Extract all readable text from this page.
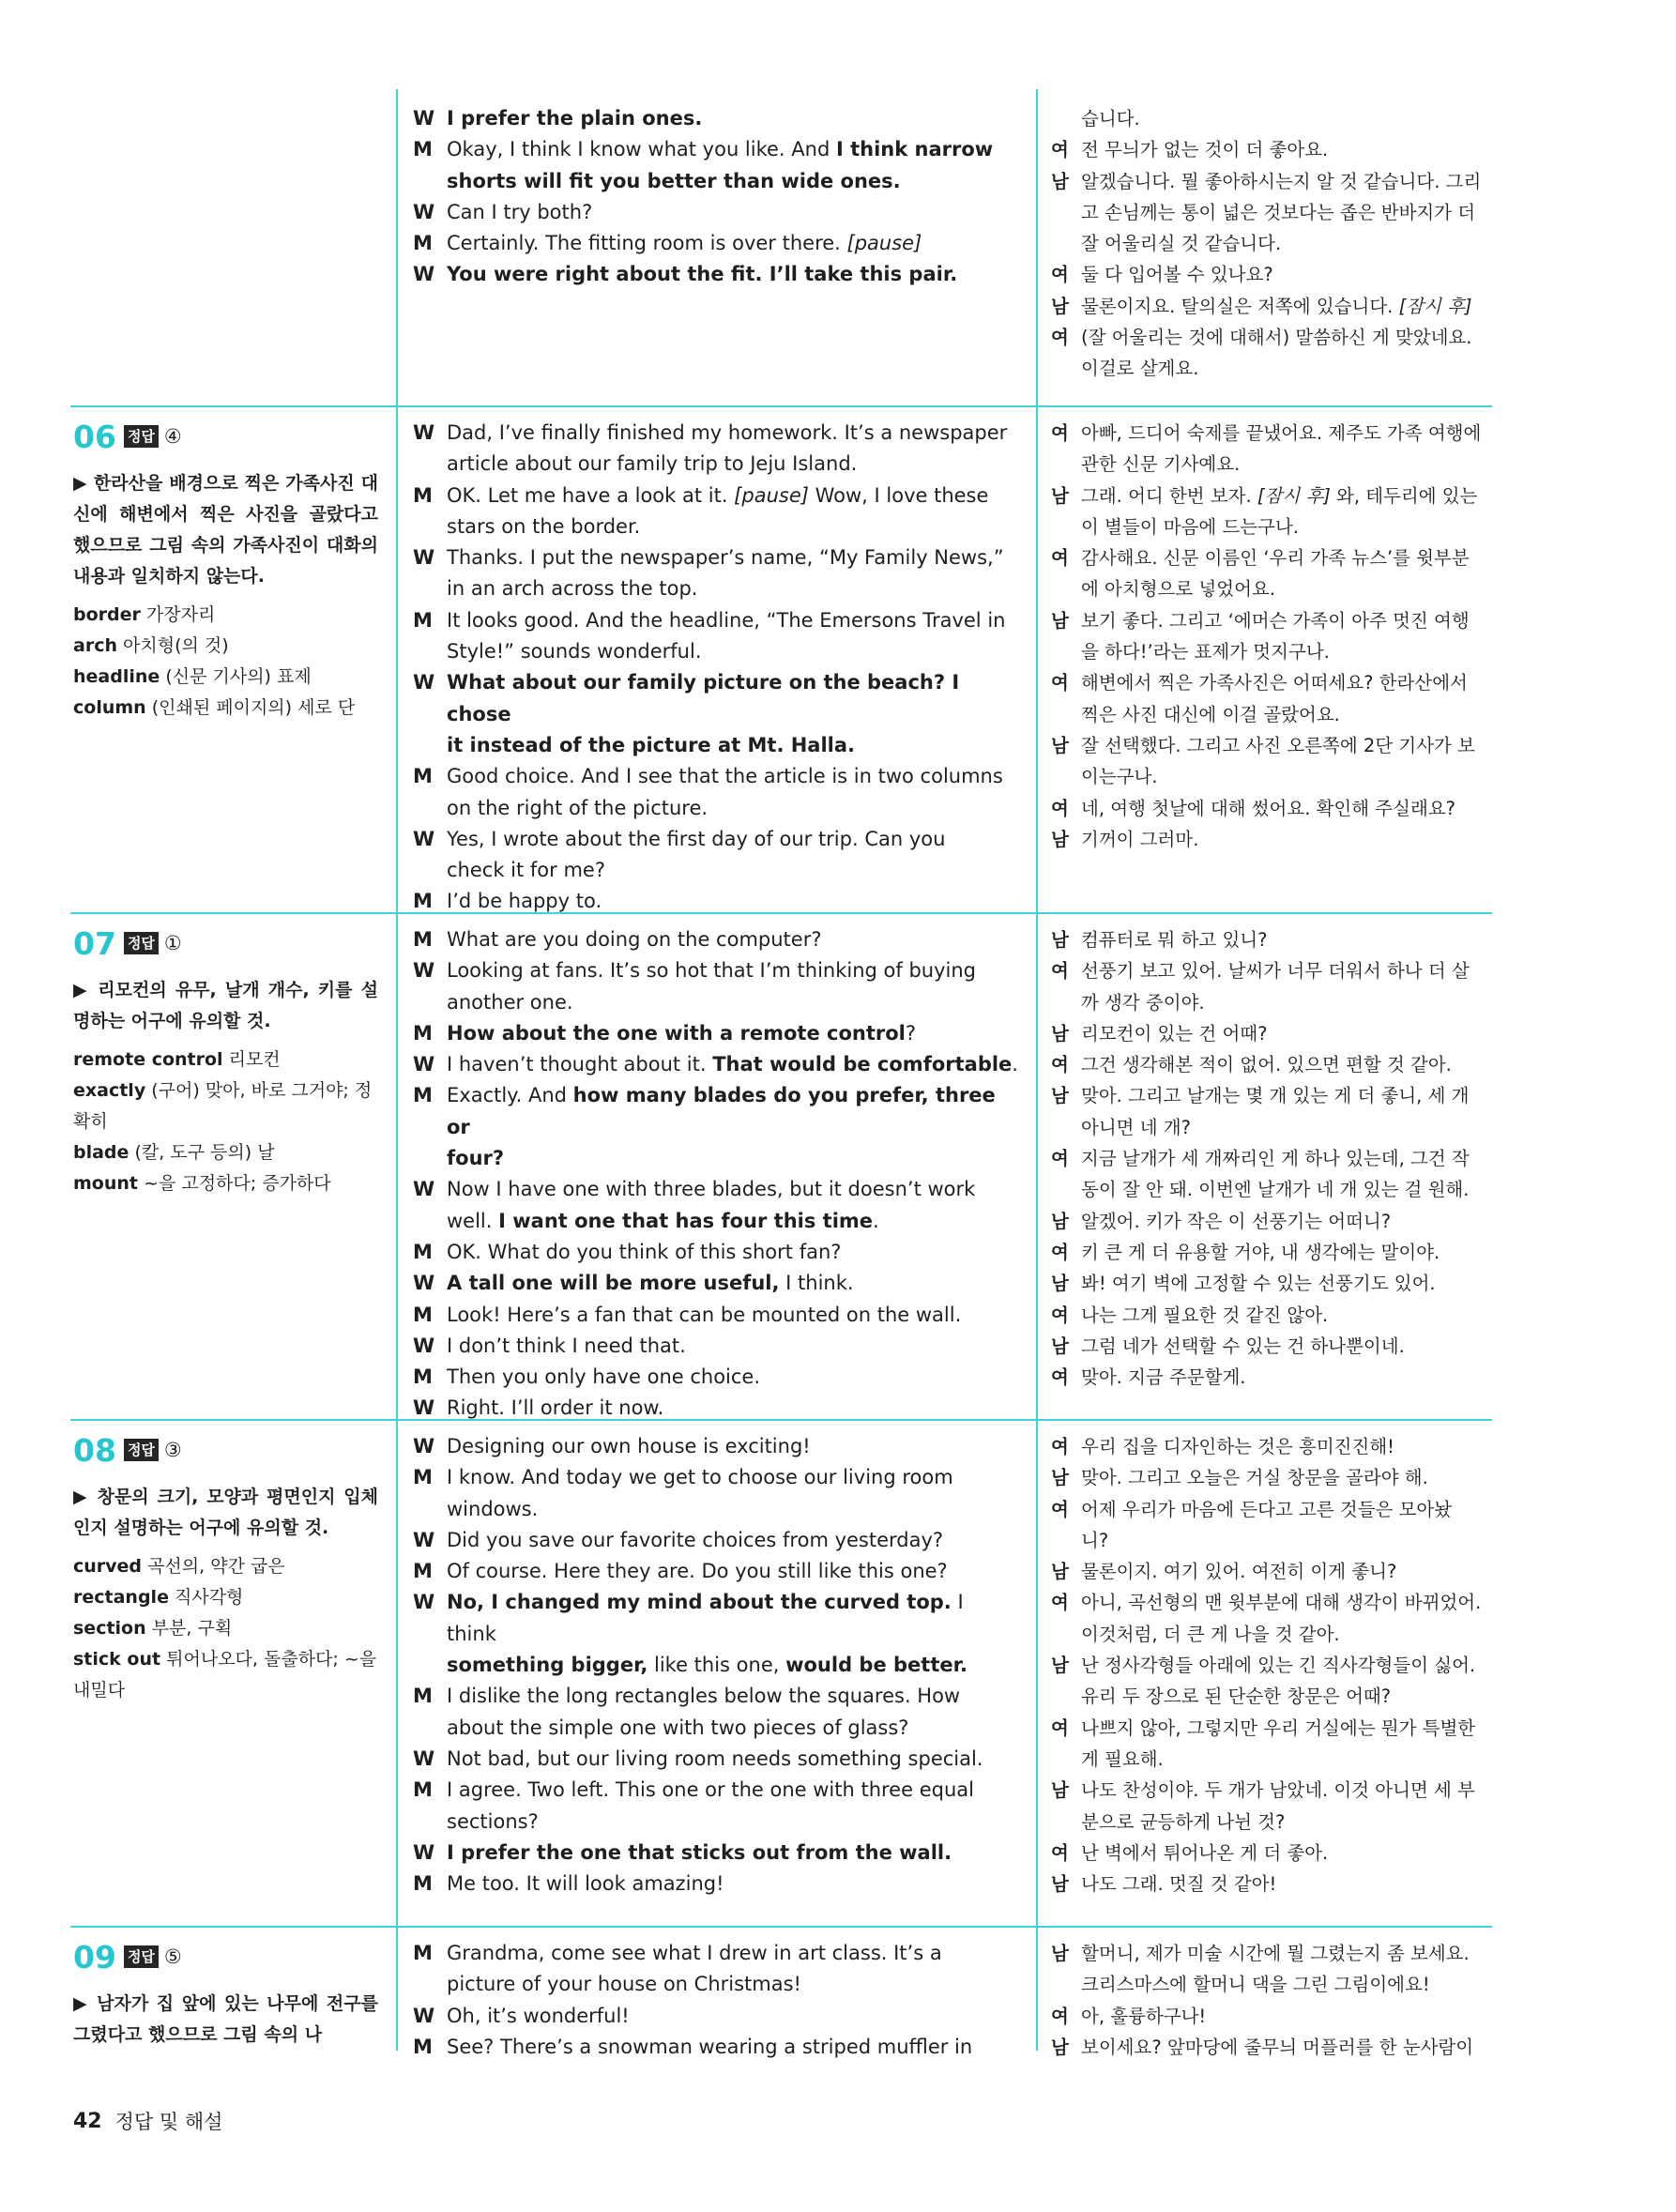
W I prefer the plain ones.
M Okay, I think I know what you like. And I think narrow
shorts will fit you better than wide ones.
W Can I try both?
M Certainly. The fitting room is over there. [pause]
W You were right about the fit. I’ll take this pair.
습니다.
여 전 무늬가 없는 것이 더 좋아요.
남 알겠습니다. 뭘 좋아하시는지 알 것 같습니다. 그리
고 손님께는 통이 넓은 것보다는 좁은 반바지가 더
잘 어울리실 것 같습니다.
여 둘 다 입어볼 수 있나요?
남 물론이지요. 탈의실은 저쪽에 있습니다. [잠시 후]
여 (잘 어울리는 것에 대해서) 말씀하신 게 맞았네요.
이걸로 살게요.
06 정답 ④

▶ 한라산을 배경으로 찍은 가족사진 대신에 해변에서 찍은 사진을 골랐다고 했으므로 그림 속의 가족사진이 대화의 내용과 일치하지 않는다.

border 가장자리
arch 아치형(의 것)
headline (신문 기사의) 표제
column (인쇄된 페이지의) 세로 단
W Dad, I’ve finally finished my homework. It’s a newspaper
article about our family trip to Jeju Island.
M OK. Let me have a look at it. [pause] Wow, I love these
stars on the border.
W Thanks. I put the newspaper’s name, “My Family News,”
in an arch across the top.
M It looks good. And the headline, “The Emersons Travel in
Style!” sounds wonderful.
W What about our family picture on the beach? I chose
it instead of the picture at Mt. Halla.
M Good choice. And I see that the article is in two columns
on the right of the picture.
W Yes, I wrote about the first day of our trip. Can you
check it for me?
M I’d be happy to.
여 아빠, 드디어 숙제를 끝냈어요. 제주도 가족 여행에
관한 신문 기사예요.
남 그래. 어디 한번 보자. [잠시 후] 와, 테두리에 있는
이 별들이 마음에 드는구나.
여 감사해요. 신문 이름인 ‘우리 가족 뉴스’를 윗부분
에 아치형으로 넣었어요.
남 보기 좋다. 그리고 ‘에머슨 가족이 아주 멋진 여행
을 하다!’라는 표제가 멋지구나.
여 해변에서 찍은 가족사진은 어떠세요? 한라산에서
찍은 사진 대신에 이걸 골랐어요.
남 잘 선택했다. 그리고 사진 오른쪽에 2단 기사가 보
이는구나.
여 네, 여행 첫날에 대해 썼어요. 확인해 주실래요?
남 기꺼이 그러마.
07 정답 ①

▶ 리모컨의 유무, 날개 개수, 키를 설명하는 어구에 유의할 것.

remote control 리모컨
exactly (구어) 맞아, 바로 그거야; 정확히
blade (칼, 도구 등의) 날
mount ~을 고정하다; 증가하다
M What are you doing on the computer?
W Looking at fans. It’s so hot that I’m thinking of buying
another one.
M How about the one with a remote control?
W I haven’t thought about it. That would be comfortable.
M Exactly. And how many blades do you prefer, three or
four?
W Now I have one with three blades, but it doesn’t work
well. I want one that has four this time.
M OK. What do you think of this short fan?
W A tall one will be more useful, I think.
M Look! Here’s a fan that can be mounted on the wall.
W I don’t think I need that.
M Then you only have one choice.
W Right. I’ll order it now.
남 컴퓨터로 뭐 하고 있니?
여 선풍기 보고 있어. 날씨가 너무 더워서 하나 더 살
까 생각 중이야.
남 리모컨이 있는 건 어때?
여 그건 생각해본 적이 없어. 있으면 편할 것 같아.
남 맞아. 그리고 날개는 몇 개 있는 게 더 좋니, 세 개
아니면 네 개?
여 지금 날개가 세 개짜리인 게 하나 있는데, 그건 작
동이 잘 안 돼. 이번엔 날개가 네 개 있는 걸 원해.
남 알겠어. 키가 작은 이 선풍기는 어떠니?
여 키 큰 게 더 유용할 거야, 내 생각에는 말이야.
남 봐! 여기 벽에 고정할 수 있는 선풍기도 있어.
여 나는 그게 필요한 것 같진 않아.
남 그럼 네가 선택할 수 있는 건 하나뿐이네.
여 맞아. 지금 주문할게.
08 정답 ③

▶ 창문의 크기, 모양과 평면인지 입체인지 설명하는 어구에 유의할 것.

curved 곡선의, 약간 굽은
rectangle 직사각형
section 부분, 구획
stick out 튀어나오다, 돌출하다; ~을 내밀다
W Designing our own house is exciting!
M I know. And today we get to choose our living room
windows.
W Did you save our favorite choices from yesterday?
M Of course. Here they are. Do you still like this one?
W No, I changed my mind about the curved top. I think
something bigger, like this one, would be better.
M I dislike the long rectangles below the squares. How
about the simple one with two pieces of glass?
W Not bad, but our living room needs something special.
M I agree. Two left. This one or the one with three equal
sections?
W I prefer the one that sticks out from the wall.
M Me too. It will look amazing!
여 우리 집을 디자인하는 것은 흥미진진해!
남 맞아. 그리고 오늘은 거실 창문을 골라야 해.
여 어제 우리가 마음에 든다고 고른 것들은 모아놨
니?
남 물론이지. 여기 있어. 여전히 이게 좋니?
여 아니, 곡선형의 맨 윗부분에 대해 생각이 바뀌었어.
이것처럼, 더 큰 게 나을 것 같아.
남 난 정사각형들 아래에 있는 긴 직사각형들이 싫어.
유리 두 장으로 된 단순한 창문은 어때?
여 나쁘지 않아, 그렇지만 우리 거실에는 뭔가 특별한
게 필요해.
남 나도 찬성이야. 두 개가 남았네. 이것 아니면 세 부
분으로 균등하게 나뉜 것?
여 난 벽에서 튀어나온 게 더 좋아.
남 나도 그래. 멋질 것 같아!
09 정답 ⑤

▶ 남자가 집 앞에 있는 나무에 전구를 그렸다고 했으므로 그림 속의 나

M Grandma, come see what I drew in art class. It’s a
picture of your house on Christmas!
W Oh, it’s wonderful!
M See? There’s a snowman wearing a striped muffler in
남 할머니, 제가 미술 시간에 뭘 그렸는지 좀 보세요.
크리스마스에 할머니 댁을 그린 그림이에요!
여 아, 훌륭하구나!
남 보이세요? 앞마당에 줄무늬 머플러를 한 눈사람이
42 정답 및 해설
